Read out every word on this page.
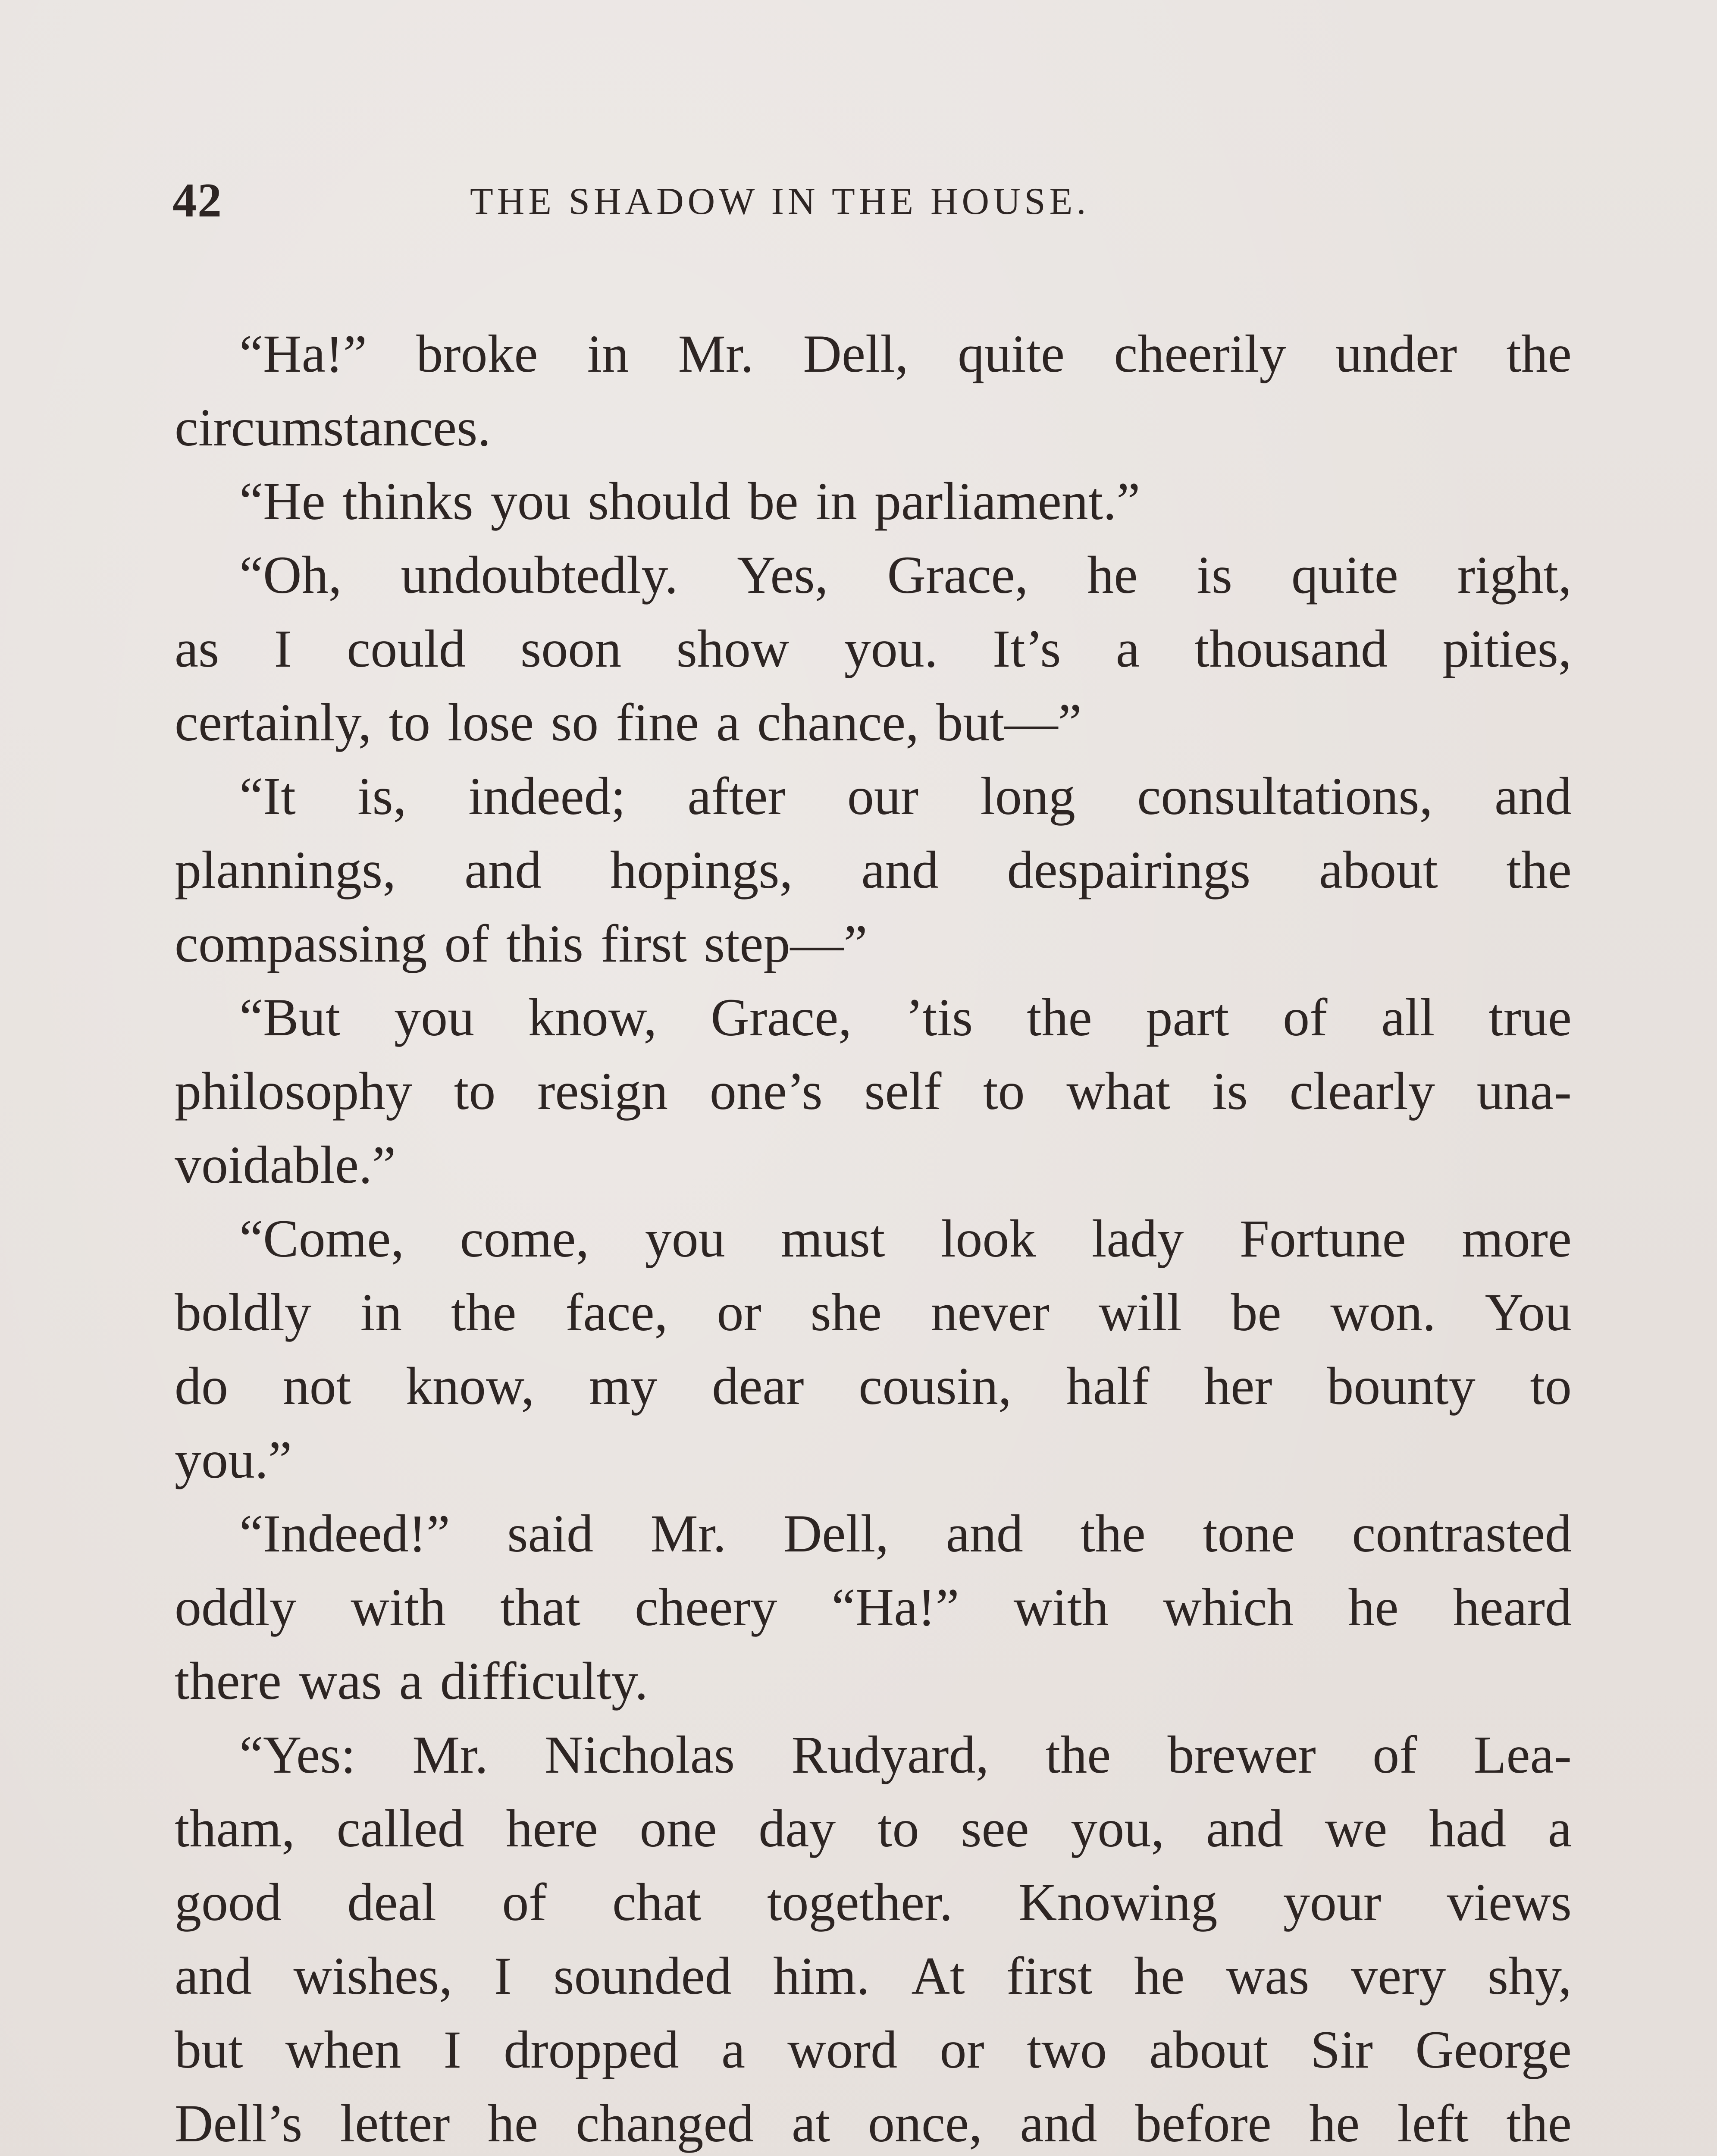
42	THE SHADOW IN THE HOUSE.
“Ha!” broke in Mr. Dell, quite cheerily under the
circumstances.
“He thinks you should be in parliament.”
“Oh, undoubtedly. Yes, Grace, he is quite right,
as I could soon show you. It’s a thousand pities,
certainly, to lose so fine a chance, but—”
“It is, indeed; after our long consultations, and
plannings, and hopings, and despairings about the
compassing of this first step—”
“But you know, Grace, ’tis the part of all true
philosophy to resign one’s self to what is clearly una-
voidable.”
“Come, come, you must look lady Fortune more
boldly in the face, or she never will be won. You
do not know, my dear cousin, half her bounty to
you.”
“Indeed!” said Mr. Dell, and the tone contrasted
oddly with that cheery “Ha!” with which he heard
there was a difficulty.
“Yes: Mr. Nicholas Rudyard, the brewer of Lea-
tham, called here one day to see you, and we had a
good deal of chat together. Knowing your views
and wishes, I sounded him. At first he was very shy,
but when I dropped a word or two about Sir George
Dell’s letter he changed at once, and before he left the
